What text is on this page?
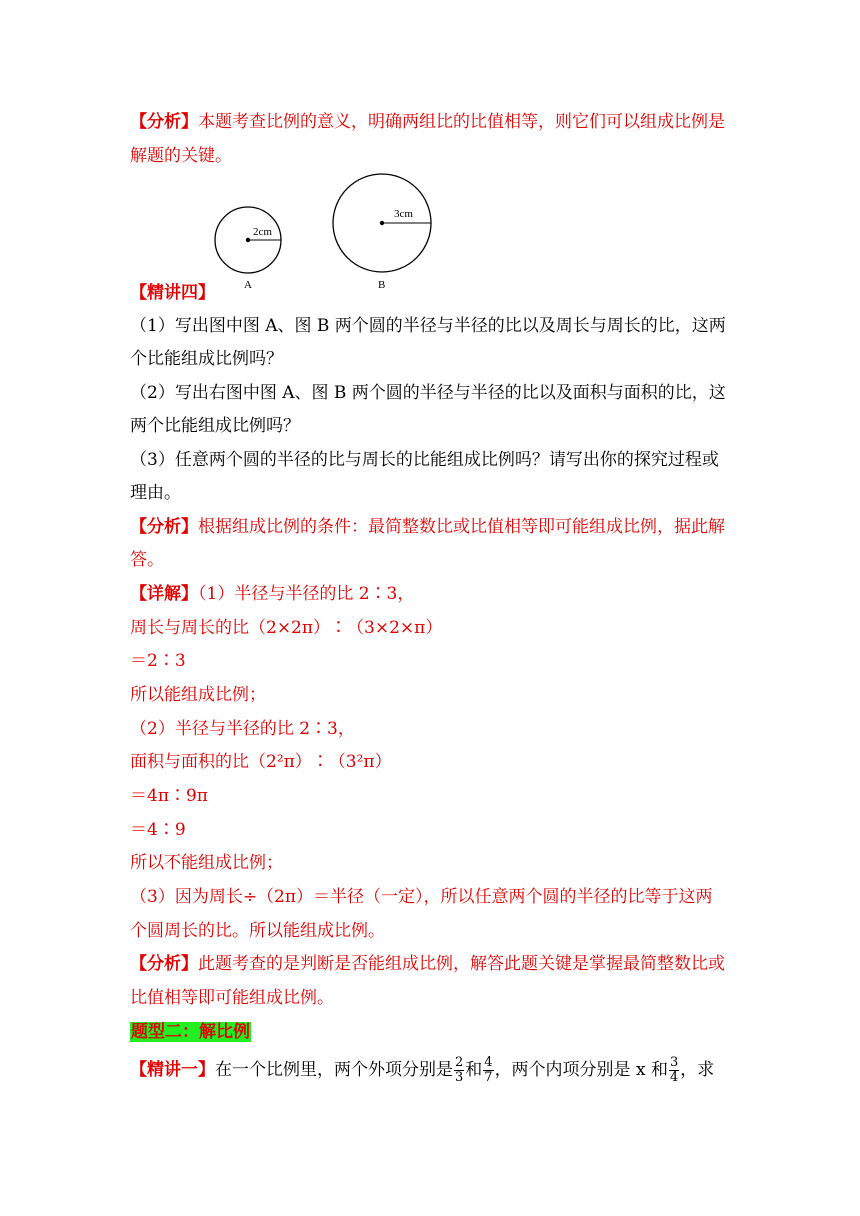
【分析】本题考查比例的意义，明确两组比的比值相等，则它们可以组成比例是
解题的关键。
2cm
A
3cm
B
【精讲四】
（1）写出图中图 A、图 B 两个圆的半径与半径的比以及周长与周长的比，这两
个比能组成比例吗？
（2）写出右图中图 A、图 B 两个圆的半径与半径的比以及面积与面积的比，这
两个比能组成比例吗？
（3）任意两个圆的半径的比与周长的比能组成比例吗？请写出你的探究过程或
理由。
【分析】根据组成比例的条件：最简整数比或比值相等即可能组成比例，据此解
答。
【详解】（1）半径与半径的比 2∶3，
周长与周长的比（2×2π）∶（3×2×π）
＝2∶3
所以能组成比例；
（2）半径与半径的比 2∶3，
面积与面积的比（2²π）∶（3²π）
＝4π∶9π
＝4∶9
所以不能组成比例；
（3）因为周长÷（2π）＝半径（一定），所以任意两个圆的半径的比等于这两
个圆周长的比。所以能组成比例。
【分析】此题考查的是判断是否能组成比例，解答此题关键是掌握最简整数比或
比值相等即可能组成比例。
题型二：解比例
【精讲一】在一个比例里，两个外项分别是 $\frac{2}{3}$ 和 $\frac{4}{7}$ ，两个内项分别是 x 和 $\frac{3}{4}$ ，求
